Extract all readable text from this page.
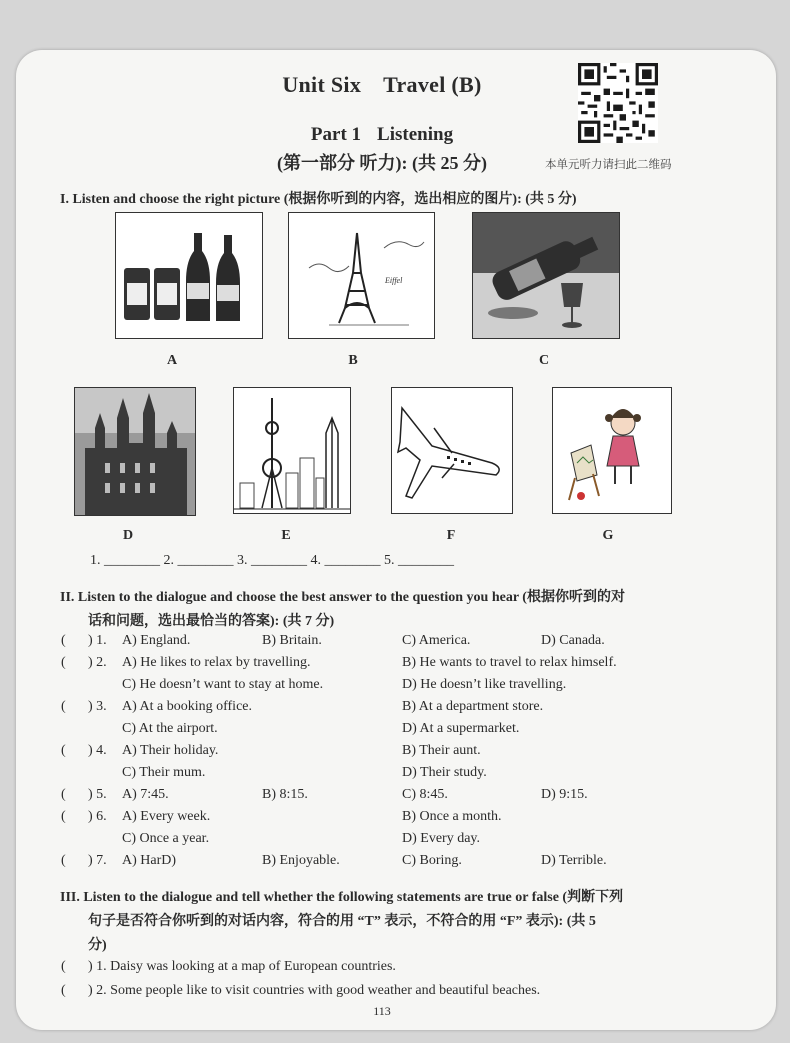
Unit Six Travel (B)
Part 1 Listening
(第一部分 听力): (共 25 分)	本单元听力请扫此二维码
I. Listen and choose the right picture (根据你听到的内容，选出相应的图片): (共 5 分)
A
Eiffel
B	C
D	E	F	G
1. ________ 2. ________ 3. ________ 4. ________ 5. ________
II. Listen to the dialogue and choose the best answer to the question you hear (根据你听到的对
话和问题，选出最恰当的答案): (共 7 分)
( ) 1. A) England.	B) Britain.	C) America.	D) Canada.
( ) 2. A) He likes to relax by travelling.	B) He wants to travel to relax himself.
C) He doesn’t want to stay at home.	D) He doesn’t like travelling.
( ) 3. A) At a booking office.	B) At a department store.
C) At the airport.	D) At a supermarket.
( ) 4. A) Their holiday.	B) Their aunt.
C) Their mum.	D) Their study.
( ) 5. A) 7:45.	B) 8:15.	C) 8:45.	D) 9:15.
( ) 6. A) Every week.	B) Once a month.
C) Once a year.	D) Every day.
( ) 7. A) HarD)	B) Enjoyable.	C) Boring.	D) Terrible.
III. Listen to the dialogue and tell whether the following statements are true or false (判断下列
句子是否符合你听到的对话内容，符合的用 “T” 表示，不符合的用 “F” 表示): (共 5
分)
( ) 1. Daisy was looking at a map of European countries.
( ) 2. Some people like to visit countries with good weather and beautiful beaches.
113
